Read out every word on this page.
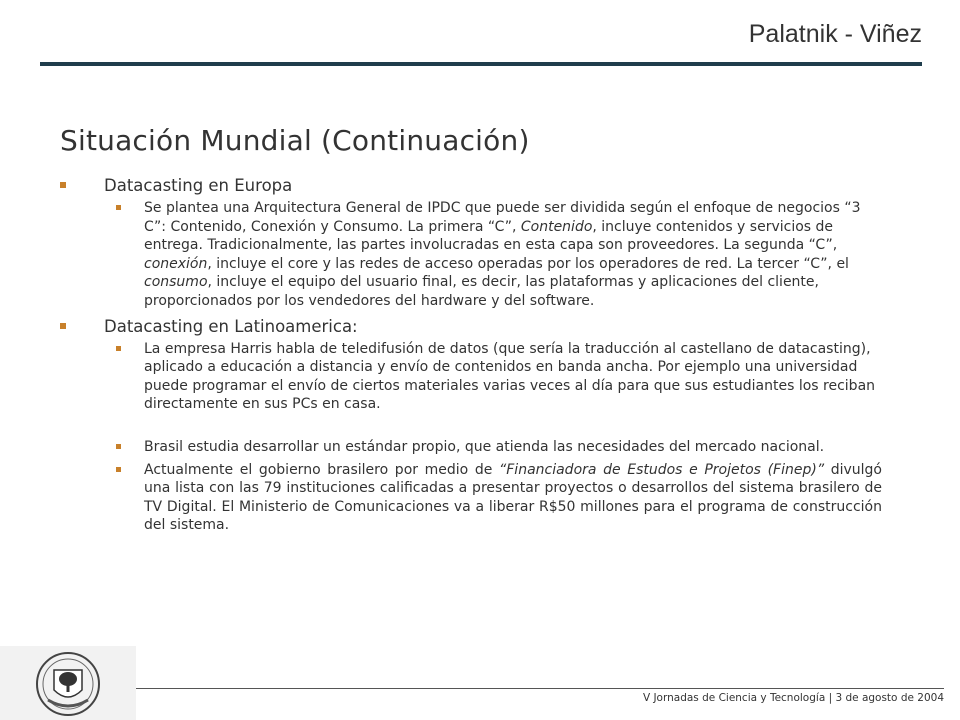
Palatnik - Viñez
Situación Mundial (Continuación)
Datacasting en Europa
Se plantea una Arquitectura General de IPDC que puede ser dividida según el enfoque de negocios “3 C”: Contenido, Conexión y Consumo. La primera “C”, Contenido, incluye contenidos y servicios de entrega. Tradicionalmente, las partes involucradas en esta capa son proveedores. La segunda “C”, conexión, incluye el core y las redes de acceso operadas por los operadores de red. La tercer “C”, el consumo, incluye el equipo del usuario final, es decir, las plataformas y aplicaciones del cliente, proporcionados por los vendedores del hardware y del software.
Datacasting en Latinoamerica:
La empresa Harris habla de teledifusión de datos (que sería la traducción al castellano de datacasting), aplicado a educación a distancia y envío de contenidos en banda ancha. Por ejemplo una universidad puede programar el envío de ciertos materiales varias veces al día para que sus estudiantes los reciban directamente en sus PCs en casa.
Brasil estudia desarrollar un estándar propio, que atienda las necesidades del mercado nacional.
Actualmente el gobierno brasilero por medio de “Financiadora de Estudos e Projetos (Finep)” divulgó una lista con las 79 instituciones calificadas a presentar proyectos o desarrollos del sistema brasilero de TV Digital. El Ministerio de Comunicaciones va a liberar R$50 millones para el programa de construcción del sistema.
V Jornadas de Ciencia y Tecnología | 3 de agosto de 2004
